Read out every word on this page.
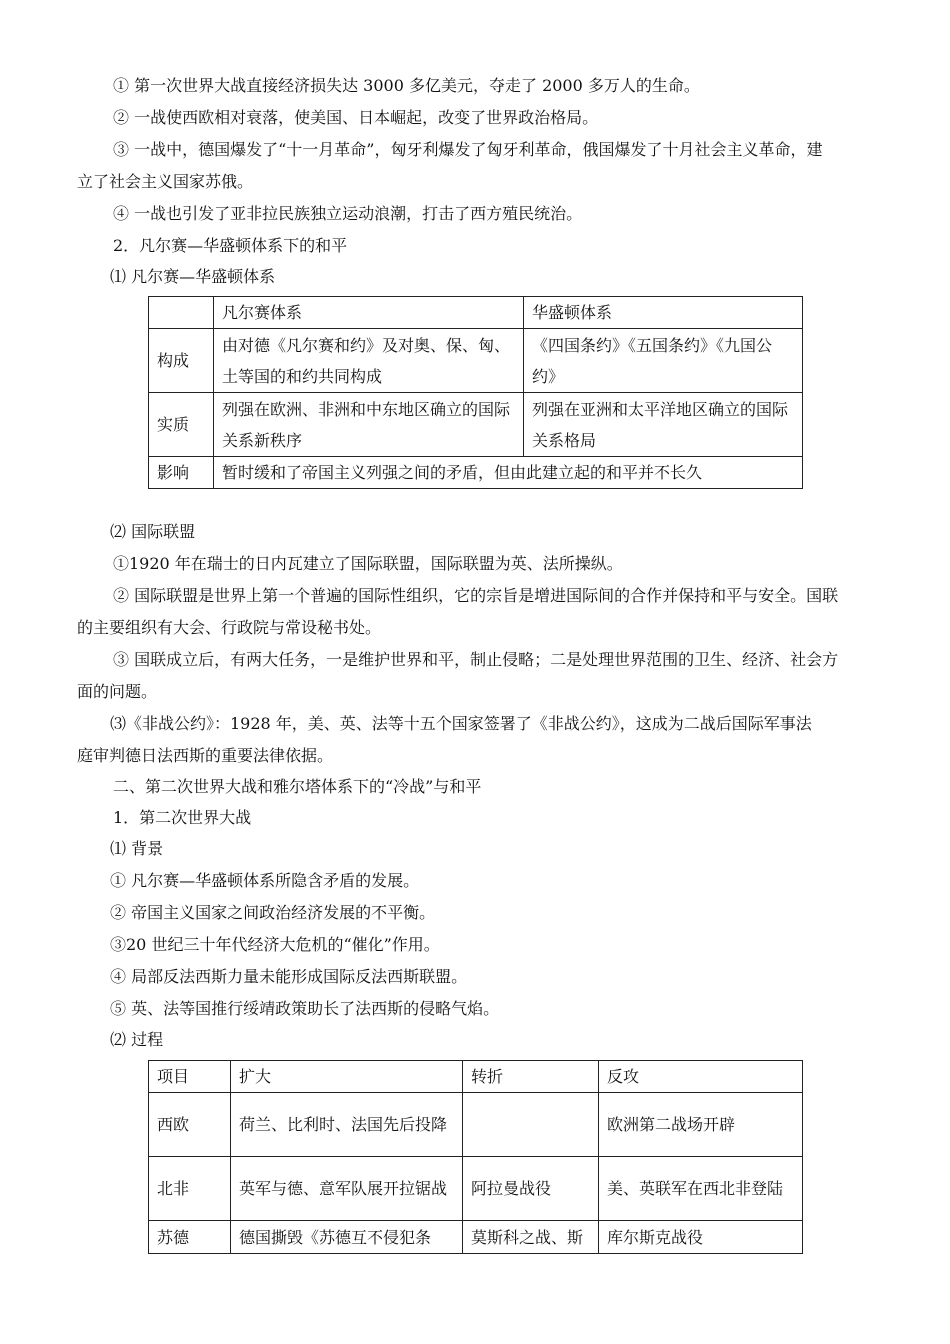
① 第一次世界大战直接经济损失达 3000 多亿美元，夺走了 2000 多万人的生命。
② 一战使西欧相对衰落，使美国、日本崛起，改变了世界政治格局。
③ 一战中，德国爆发了“十一月革命”，匈牙利爆发了匈牙利革命，俄国爆发了十月社会主义革命，建
立了社会主义国家苏俄。
④ 一战也引发了亚非拉民族独立运动浪潮，打击了西方殖民统治。
2．凡尔赛—华盛顿体系下的和平
⑴ 凡尔赛—华盛顿体系
	凡尔赛体系	华盛顿体系
构成	由对德《凡尔赛和约》及对奥、保、匈、土等国的和约共同构成	《四国条约》《五国条约》《九国公约》
实质	列强在欧洲、非洲和中东地区确立的国际关系新秩序	列强在亚洲和太平洋地区确立的国际关系格局
影响	暂时缓和了帝国主义列强之间的矛盾，但由此建立起的和平并不长久	
⑵ 国际联盟
①1920 年在瑞士的日内瓦建立了国际联盟，国际联盟为英、法所操纵。
② 国际联盟是世界上第一个普遍的国际性组织，它的宗旨是增进国际间的合作并保持和平与安全。国联
的主要组织有大会、行政院与常设秘书处。
③ 国联成立后，有两大任务，一是维护世界和平，制止侵略；二是处理世界范围的卫生、经济、社会方
面的问题。
⑶《非战公约》：1928 年，美、英、法等十五个国家签署了《非战公约》，这成为二战后国际军事法
庭审判德日法西斯的重要法律依据。
二、第二次世界大战和雅尔塔体系下的“冷战”与和平
1．第二次世界大战
⑴ 背景
① 凡尔赛—华盛顿体系所隐含矛盾的发展。
② 帝国主义国家之间政治经济发展的不平衡。
③20 世纪三十年代经济大危机的“催化”作用。
④ 局部反法西斯力量未能形成国际反法西斯联盟。
⑤ 英、法等国推行绥靖政策助长了法西斯的侵略气焰。
⑵ 过程
项目	扩大	转折	反攻
西欧	荷兰、比利时、法国先后投降		欧洲第二战场开辟
北非	英军与德、意军队展开拉锯战	阿拉曼战役	美、英联军在西北非登陆
苏德	德国撕毁《苏德互不侵犯条	莫斯科之战、斯	库尔斯克战役
